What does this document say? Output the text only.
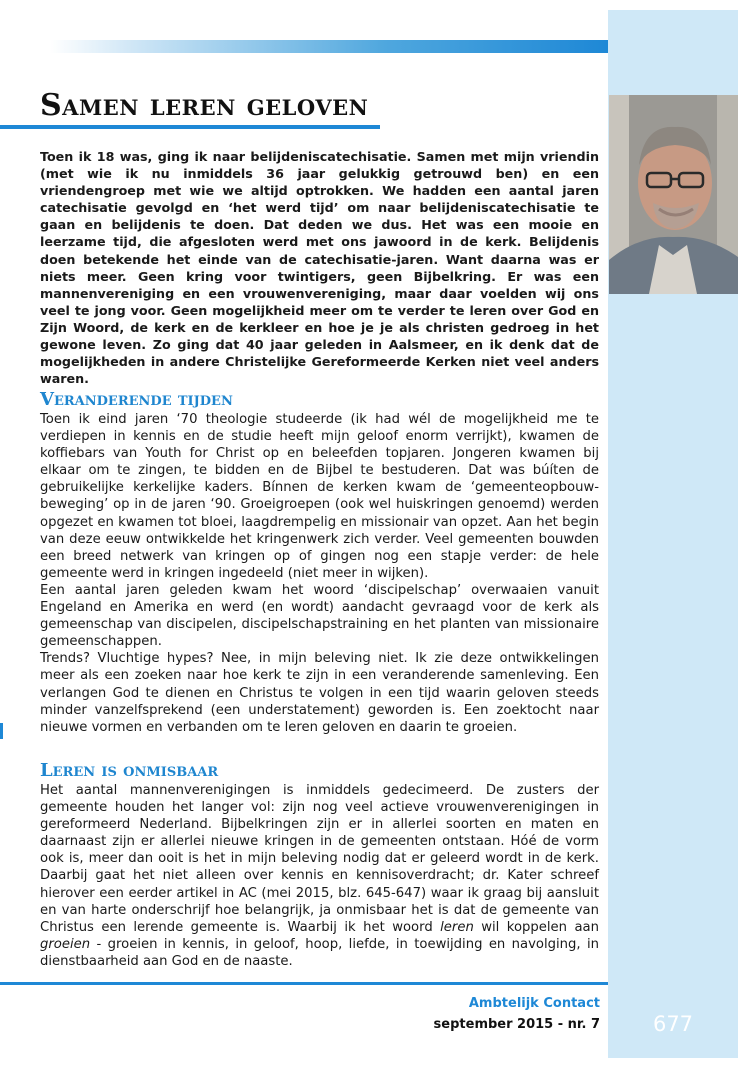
Samen leren geloven

Toen ik 18 was, ging ik naar belijdeniscatechisatie. Samen met mijn vriendin (met wie ik nu inmiddels 36 jaar gelukkig getrouwd ben) en een vriendengroep met wie we altijd optrokken. We hadden een aantal jaren catechisatie gevolgd en ‘het werd tijd’ om naar belijdeniscatechisatie te gaan en belijdenis te doen. Dat deden we dus. Het was een mooie en leerzame tijd, die afgesloten werd met ons jawoord in de kerk. Belijdenis doen betekende het einde van de catechisatie-jaren. Want daarna was er niets meer. Geen kring voor twintigers, geen Bijbelkring. Er was een mannenvereniging en een vrouwenvereniging, maar daar voelden wij ons veel te jong voor. Geen mogelijkheid meer om te verder te leren over God en Zijn Woord, de kerk en de kerkleer en hoe je je als christen gedroeg in het gewone leven. Zo ging dat 40 jaar geleden in Aalsmeer, en ik denk dat de mogelijkheden in andere Christelijke Gereformeerde Kerken niet veel anders waren.

Veranderende tijden

Toen ik eind jaren ‘70 theologie studeerde (ik had wél de mogelijkheid me te verdiepen in kennis en de studie heeft mijn geloof enorm verrijkt), kwamen de koffiebars van Youth for Christ op en beleefden topjaren. Jongeren kwamen bij elkaar om te zingen, te bidden en de Bijbel te bestuderen. Dat was búíten de gebruikelijke kerkelijke kaders. Bínnen de kerken kwam de ‘gemeenteopbouw-beweging’ op in de jaren ‘90. Groeigroepen (ook wel huiskringen genoemd) werden opgezet en kwamen tot bloei, laagdrempelig en missionair van opzet. Aan het begin van deze eeuw ontwikkelde het kringenwerk zich verder. Veel gemeenten bouwden een breed netwerk van kringen op of gingen nog een stapje verder: de hele gemeente werd in kringen ingedeeld (niet meer in wijken).

Een aantal jaren geleden kwam het woord ‘discipelschap’ overwaaien vanuit Engeland en Amerika en werd (en wordt) aandacht gevraagd voor de kerk als gemeenschap van discipelen, discipelschapstraining en het planten van missionaire gemeenschappen.

Trends? Vluchtige hypes? Nee, in mijn beleving niet. Ik zie deze ontwikkelingen meer als een zoeken naar hoe kerk te zijn in een veranderende samenleving. Een verlangen God te dienen en Christus te volgen in een tijd waarin geloven steeds minder vanzelfsprekend (een understatement) geworden is. Een zoektocht naar nieuwe vormen en verbanden om te leren geloven en daarin te groeien.

Leren is onmisbaar

Het aantal mannenverenigingen is inmiddels gedecimeerd. De zusters der gemeente houden het langer vol: zijn nog veel actieve vrouwenverenigingen in gereformeerd Nederland. Bijbelkringen zijn er in allerlei soorten en maten en daarnaast zijn er allerlei nieuwe kringen in de gemeenten ontstaan. Hóé de vorm ook is, meer dan ooit is het in mijn beleving nodig dat er geleerd wordt in de kerk. Daarbij gaat het niet alleen over kennis en kennisoverdracht; dr. Kater schreef hierover een eerder artikel in AC (mei 2015, blz. 645-647) waar ik graag bij aansluit en van harte onderschrijf hoe belangrijk, ja onmisbaar het is dat de gemeente van Christus een lerende gemeente is. Waarbij ik het woord leren wil koppelen aan groeien - groeien in kennis, in geloof, hoop, liefde, in toewijding en navolging, in dienstbaarheid aan God en de naaste.

Ambtelijk Contact

september 2015 - nr. 7	677
